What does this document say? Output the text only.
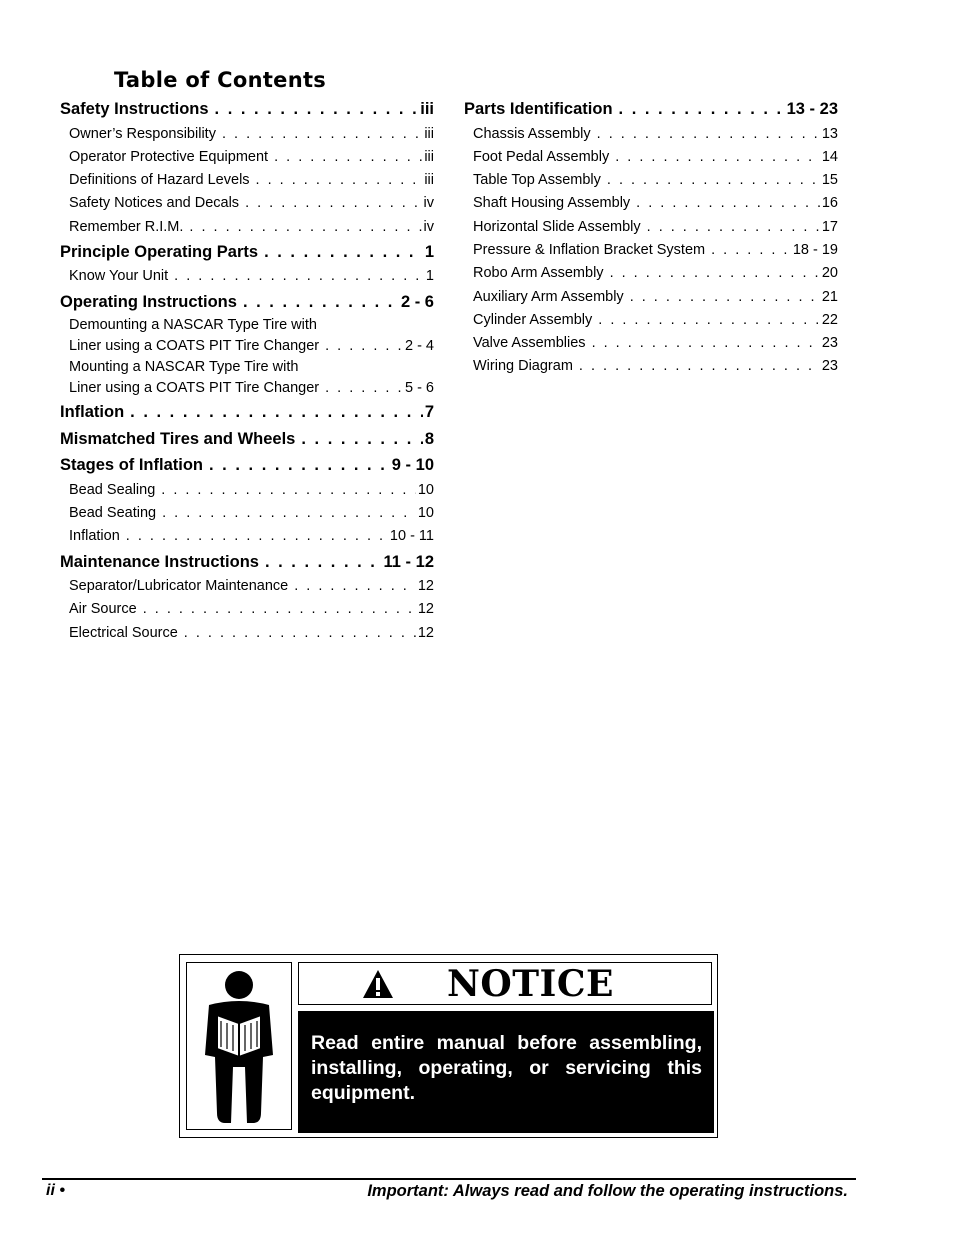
Table of Contents
Safety Instructions . . .	iii
Owner’s Responsibility . . .	iii
Operator Protective Equipment . . .	iii
Definitions of Hazard Levels . . .	iii
Safety Notices and Decals . . .	iv
Remember R.I.M. . . .	iv
Principle Operating Parts . . .	1
Know Your Unit . . .	1
Operating Instructions . . .	2 - 6
Demounting a NASCAR Type Tire with
Liner using a COATS PIT Tire Changer . . .	2 - 4
Mounting a NASCAR Type Tire with
Liner using a COATS PIT Tire Changer . . .	5 - 6
Inflation . . .	7
Mismatched Tires and Wheels . . .	8
Stages of Inflation . . .	9 - 10
Bead Sealing . . .	10
Bead Seating . . .	10
Inflation . . .	10 - 11
Maintenance Instructions . . .	11 - 12
Separator/Lubricator Maintenance . . .	12
Air Source . . .	12
Electrical Source . . .	12
Parts Identification . . .	13 - 23
Chassis Assembly . . .	13
Foot Pedal Assembly . . .	14
Table Top Assembly . . .	15
Shaft Housing Assembly . . .	16
Horizontal Slide Assembly . . .	17
Pressure & Inflation Bracket System . . .	18 - 19
Robo Arm Assembly . . .	20
Auxiliary Arm Assembly . . .	21
Cylinder Assembly . . .	22
Valve Assemblies . . .	23
Wiring Diagram . . .	23
NOTICE
Read entire manual before assembling, installing, operating, or servicing this equipment.
ii •	Important: Always read and follow the operating instructions.
